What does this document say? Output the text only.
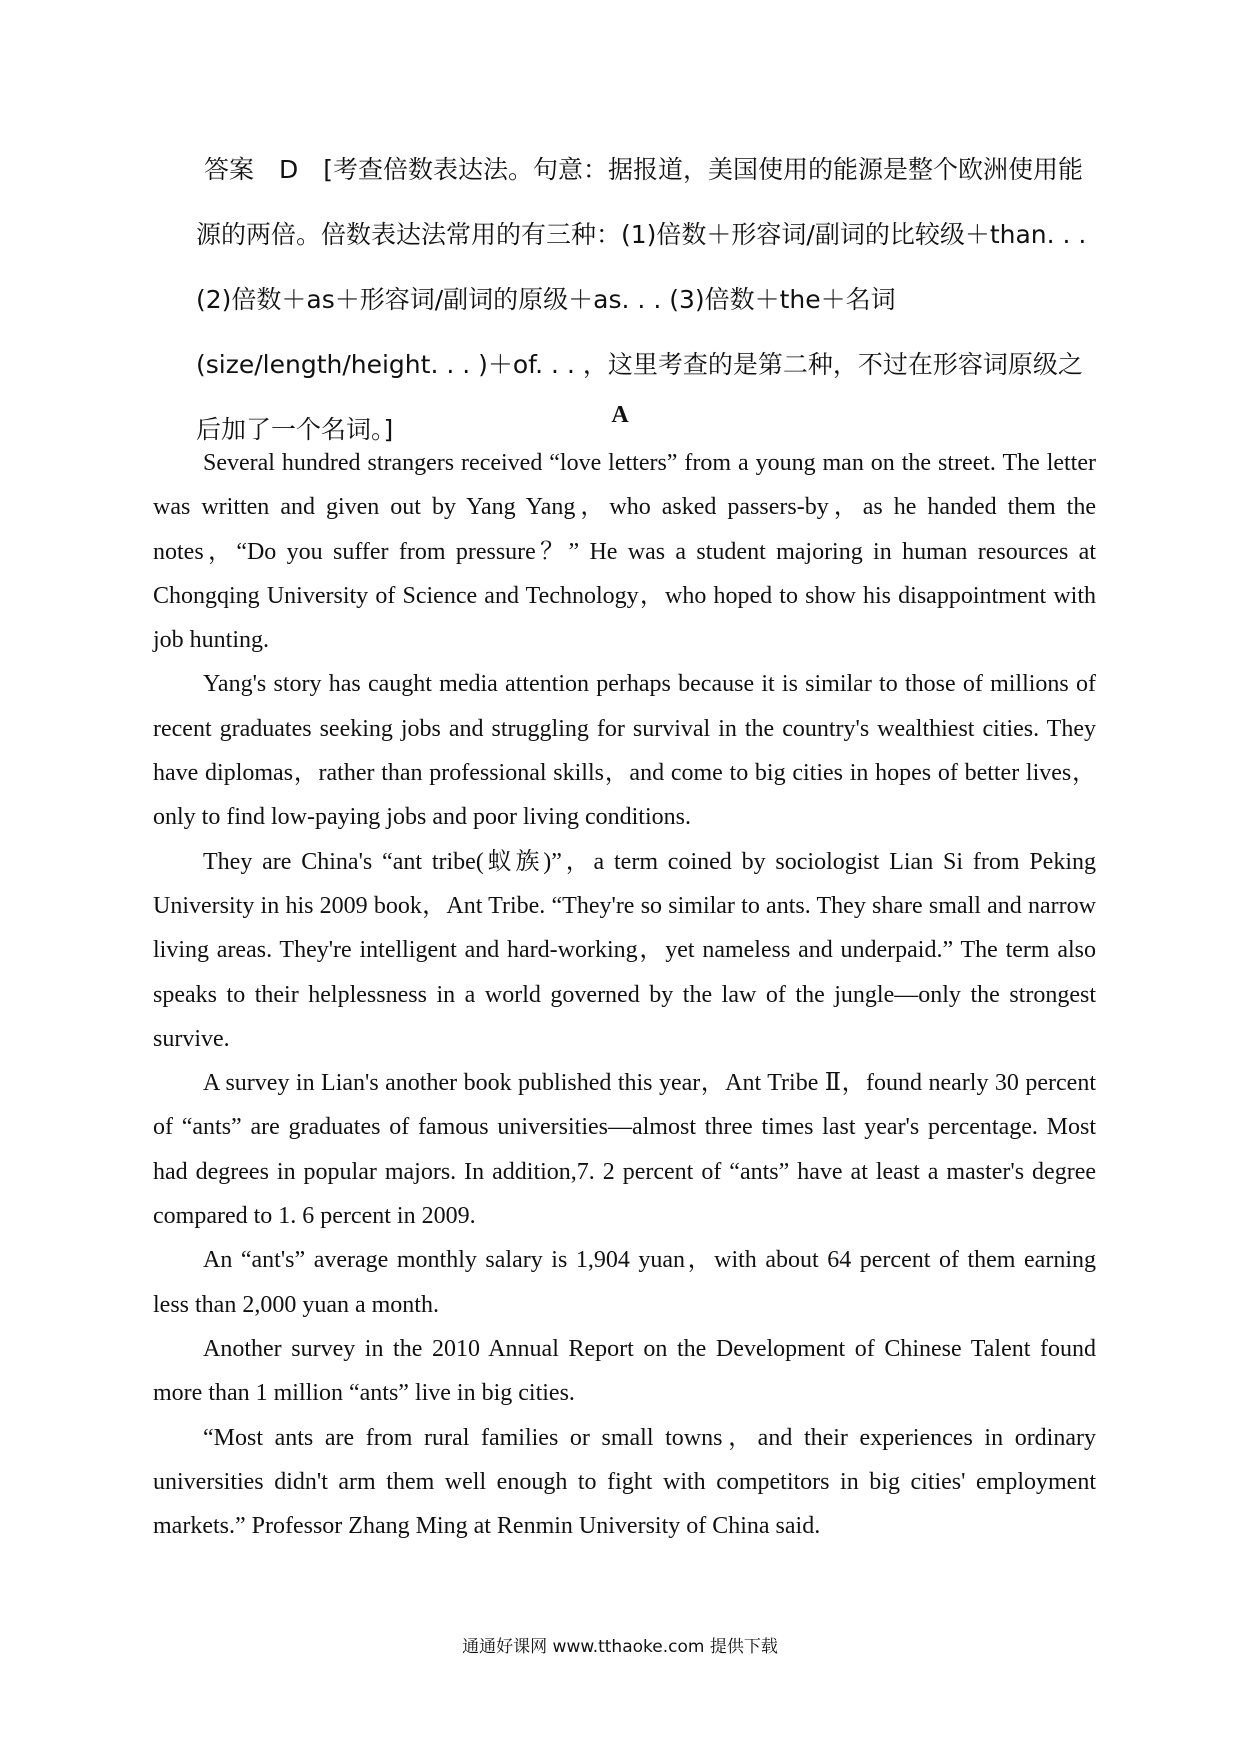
答案　D　[考查倍数表达法。句意：据报道，美国使用的能源是整个欧洲使用能源的两倍。倍数表达法常用的有三种：(1)倍数＋形容词/副词的比较级＋than. . . (2)倍数＋as＋形容词/副词的原级＋as. . . (3)倍数＋the＋名词(size/length/height. . . )＋of. . . ，这里考查的是第二种，不过在形容词原级之后加了一个名词。]	A

Several hundred strangers received “love letters” from a young man on the street. The letter was written and given out by Yang Yang，who asked passers-by，as he handed them the notes，“Do you suffer from pressure？” He was a student majoring in human resources at Chongqing University of Science and Technology，who hoped to show his disappointment with job hunting.

Yang's story has caught media attention perhaps because it is similar to those of millions of recent graduates seeking jobs and struggling for survival in the country's wealthiest cities. They have diplomas，rather than professional skills，and come to big cities in hopes of better lives，only to find low-paying jobs and poor living conditions.

They are China's “ant tribe(蚁族)”，a term coined by sociologist Lian Si from Peking University in his 2009 book，Ant Tribe. “They're so similar to ants. They share small and narrow living areas. They're intelligent and hard-working，yet nameless and underpaid.” The term also speaks to their helplessness in a world governed by the law of the jungle—only the strongest survive.

A survey in Lian's another book published this year，Ant Tribe Ⅱ，found nearly 30 percent of “ants” are graduates of famous universities—almost three times last year's percentage. Most had degrees in popular majors. In addition,7. 2 percent of “ants” have at least a master's degree compared to 1. 6 percent in 2009.

An “ant's” average monthly salary is 1,904 yuan，with about 64 percent of them earning less than 2,000 yuan a month.

Another survey in the 2010 Annual Report on the Development of Chinese Talent found more than 1 million “ants” live in big cities.

“Most ants are from rural families or small towns，and their experiences in ordinary universities didn't arm them well enough to fight with competitors in big cities' employment markets.” Professor Zhang Ming at Renmin University of China said.

通通好课网 www.tthaoke.com 提供下载
